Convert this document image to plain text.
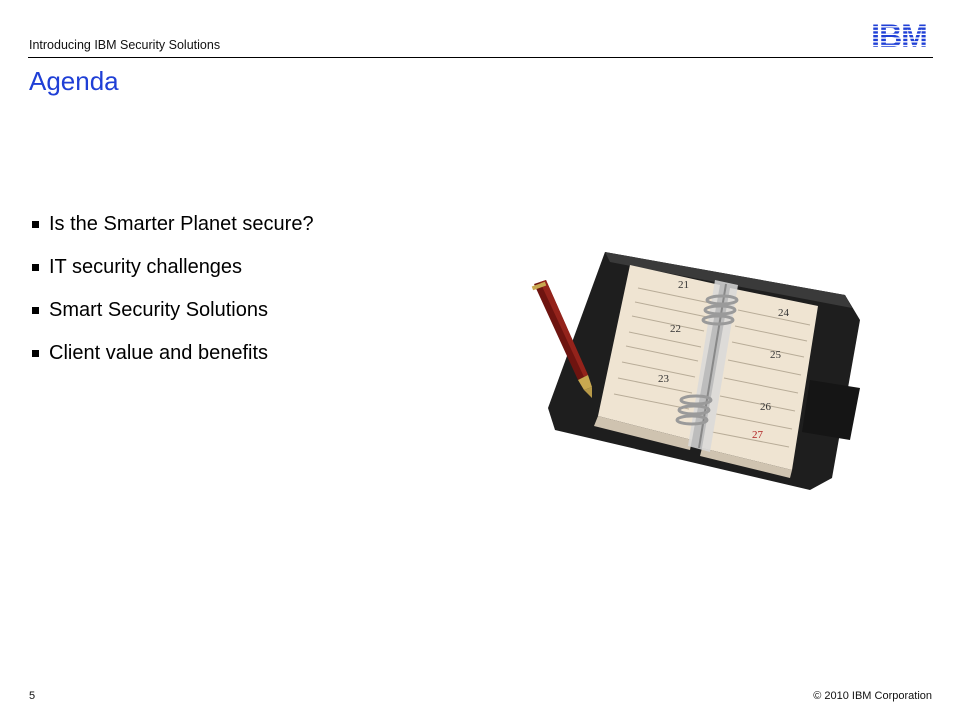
Introducing IBM Security Solutions	IBM
Agenda
Is the Smarter Planet secure?
IT security challenges
Smart Security Solutions
Client value and benefits
21
22
23
24
25
26
27
5	© 2010 IBM Corporation
